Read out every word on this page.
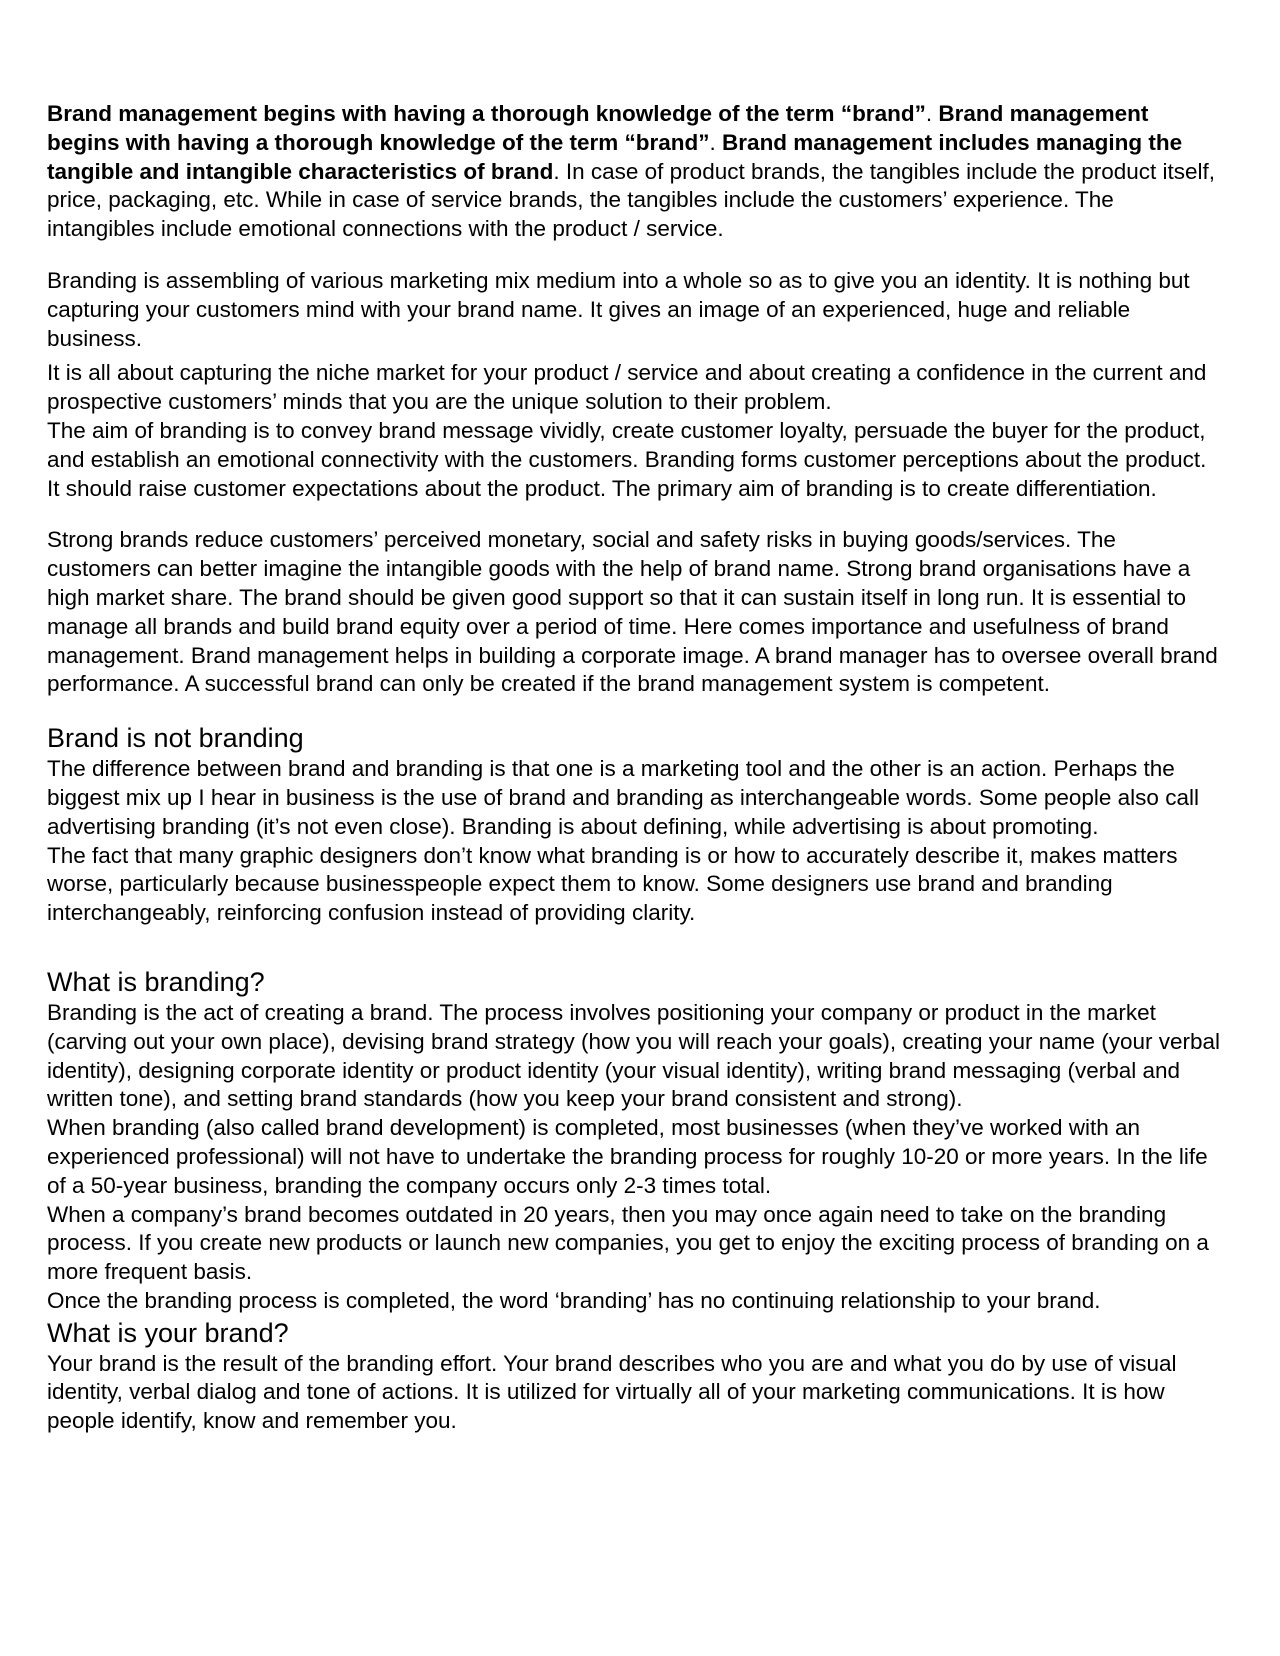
Brand management begins with having a thorough knowledge of the term “brand”. Brand management begins with having a thorough knowledge of the term “brand”. Brand management includes managing the tangible and intangible characteristics of brand. In case of product brands, the tangibles include the product itself, price, packaging, etc. While in case of service brands, the tangibles include the customers’ experience. The intangibles include emotional connections with the product / service.

Branding is assembling of various marketing mix medium into a whole so as to give you an identity. It is nothing but capturing your customers mind with your brand name. It gives an image of an experienced, huge and reliable business.

It is all about capturing the niche market for your product / service and about creating a confidence in the current and prospective customers’ minds that you are the unique solution to their problem.

The aim of branding is to convey brand message vividly, create customer loyalty, persuade the buyer for the product, and establish an emotional connectivity with the customers. Branding forms customer perceptions about the product. It should raise customer expectations about the product. The primary aim of branding is to create differentiation.

Strong brands reduce customers’ perceived monetary, social and safety risks in buying goods/services. The customers can better imagine the intangible goods with the help of brand name. Strong brand organisations have a high market share. The brand should be given good support so that it can sustain itself in long run. It is essential to manage all brands and build brand equity over a period of time. Here comes importance and usefulness of brand management. Brand management helps in building a corporate image. A brand manager has to oversee overall brand performance. A successful brand can only be created if the brand management system is competent.

Brand is not branding

The difference between brand and branding is that one is a marketing tool and the other is an action. Perhaps the biggest mix up I hear in business is the use of brand and branding as interchangeable words. Some people also call advertising branding (it’s not even close). Branding is about defining, while advertising is about promoting.

The fact that many graphic designers don’t know what branding is or how to accurately describe it, makes matters worse, particularly because businesspeople expect them to know. Some designers use brand and branding interchangeably, reinforcing confusion instead of providing clarity.

What is branding?

Branding is the act of creating a brand. The process involves positioning your company or product in the market (carving out your own place), devising brand strategy (how you will reach your goals), creating your name (your verbal identity), designing corporate identity or product identity (your visual identity), writing brand messaging (verbal and written tone), and setting brand standards (how you keep your brand consistent and strong).

When branding (also called brand development) is completed, most businesses (when they’ve worked with an experienced professional) will not have to undertake the branding process for roughly 10-20 or more years. In the life of a 50-year business, branding the company occurs only 2-3 times total.

When a company’s brand becomes outdated in 20 years, then you may once again need to take on the branding process. If you create new products or launch new companies, you get to enjoy the exciting process of branding on a more frequent basis.

Once the branding process is completed, the word ‘branding’ has no continuing relationship to your brand.

What is your brand?

Your brand is the result of the branding effort. Your brand describes who you are and what you do by use of visual identity, verbal dialog and tone of actions. It is utilized for virtually all of your marketing communications. It is how people identify, know and remember you.
